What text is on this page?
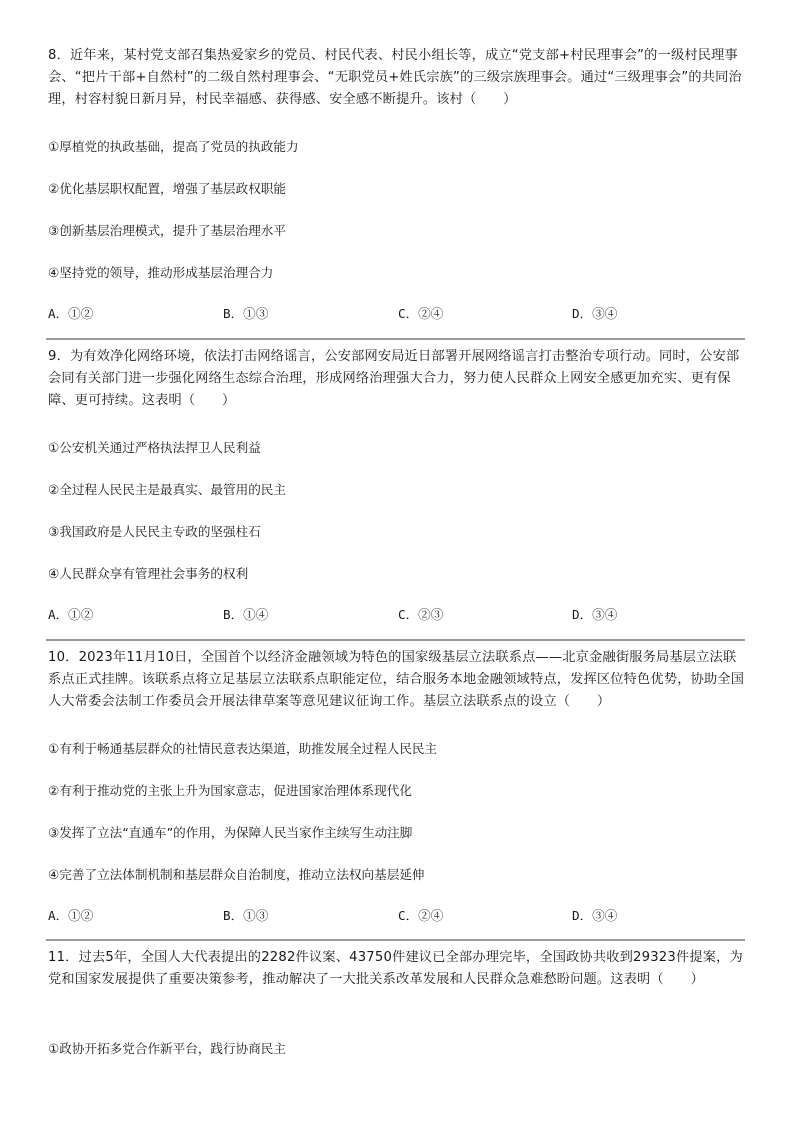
8．近年来，某村党支部召集热爱家乡的党员、村民代表、村民小组长等，成立“党支部+村民理事会”的一级村民理事会、“把片干部+自然村”的二级自然村理事会、“无职党员+姓氏宗族”的三级宗族理事会。通过“三级理事会”的共同治理，村容村貌日新月异，村民幸福感、获得感、安全感不断提升。该村（　　）

①厚植党的执政基础，提高了党员的执政能力

②优化基层职权配置，增强了基层政权职能

③创新基层治理模式，提升了基层治理水平

④坚持党的领导，推动形成基层治理合力

A．①②	B．①③	C．②④	D．③④

9．为有效净化网络环境，依法打击网络谣言，公安部网安局近日部署开展网络谣言打击整治专项行动。同时，公安部会同有关部门进一步强化网络生态综合治理，形成网络治理强大合力，努力使人民群众上网安全感更加充实、更有保障、更可持续。这表明（　　）

①公安机关通过严格执法捍卫人民利益

②全过程人民民主是最真实、最管用的民主

③我国政府是人民民主专政的坚强柱石

④人民群众享有管理社会事务的权利

A．①②	B．①④	C．②③	D．③④

10．2023年11月10日，全国首个以经济金融领域为特色的国家级基层立法联系点——北京金融街服务局基层立法联系点正式挂牌。该联系点将立足基层立法联系点职能定位，结合服务本地金融领域特点，发挥区位特色优势，协助全国人大常委会法制工作委员会开展法律草案等意见建议征询工作。基层立法联系点的设立（　　）

①有利于畅通基层群众的社情民意表达渠道，助推发展全过程人民民主

②有利于推动党的主张上升为国家意志，促进国家治理体系现代化

③发挥了立法“直通车”的作用，为保障人民当家作主续写生动注脚

④完善了立法体制机制和基层群众自治制度，推动立法权向基层延伸

A．①②	B．①③	C．②④	D．③④

11．过去5年，全国人大代表提出的2282件议案、43750件建议已全部办理完毕，全国政协共收到29323件提案，为党和国家发展提供了重要决策参考，推动解决了一大批关系改革发展和人民群众急难愁盼问题。这表明（　　）

①政协开拓多党合作新平台，践行协商民主
